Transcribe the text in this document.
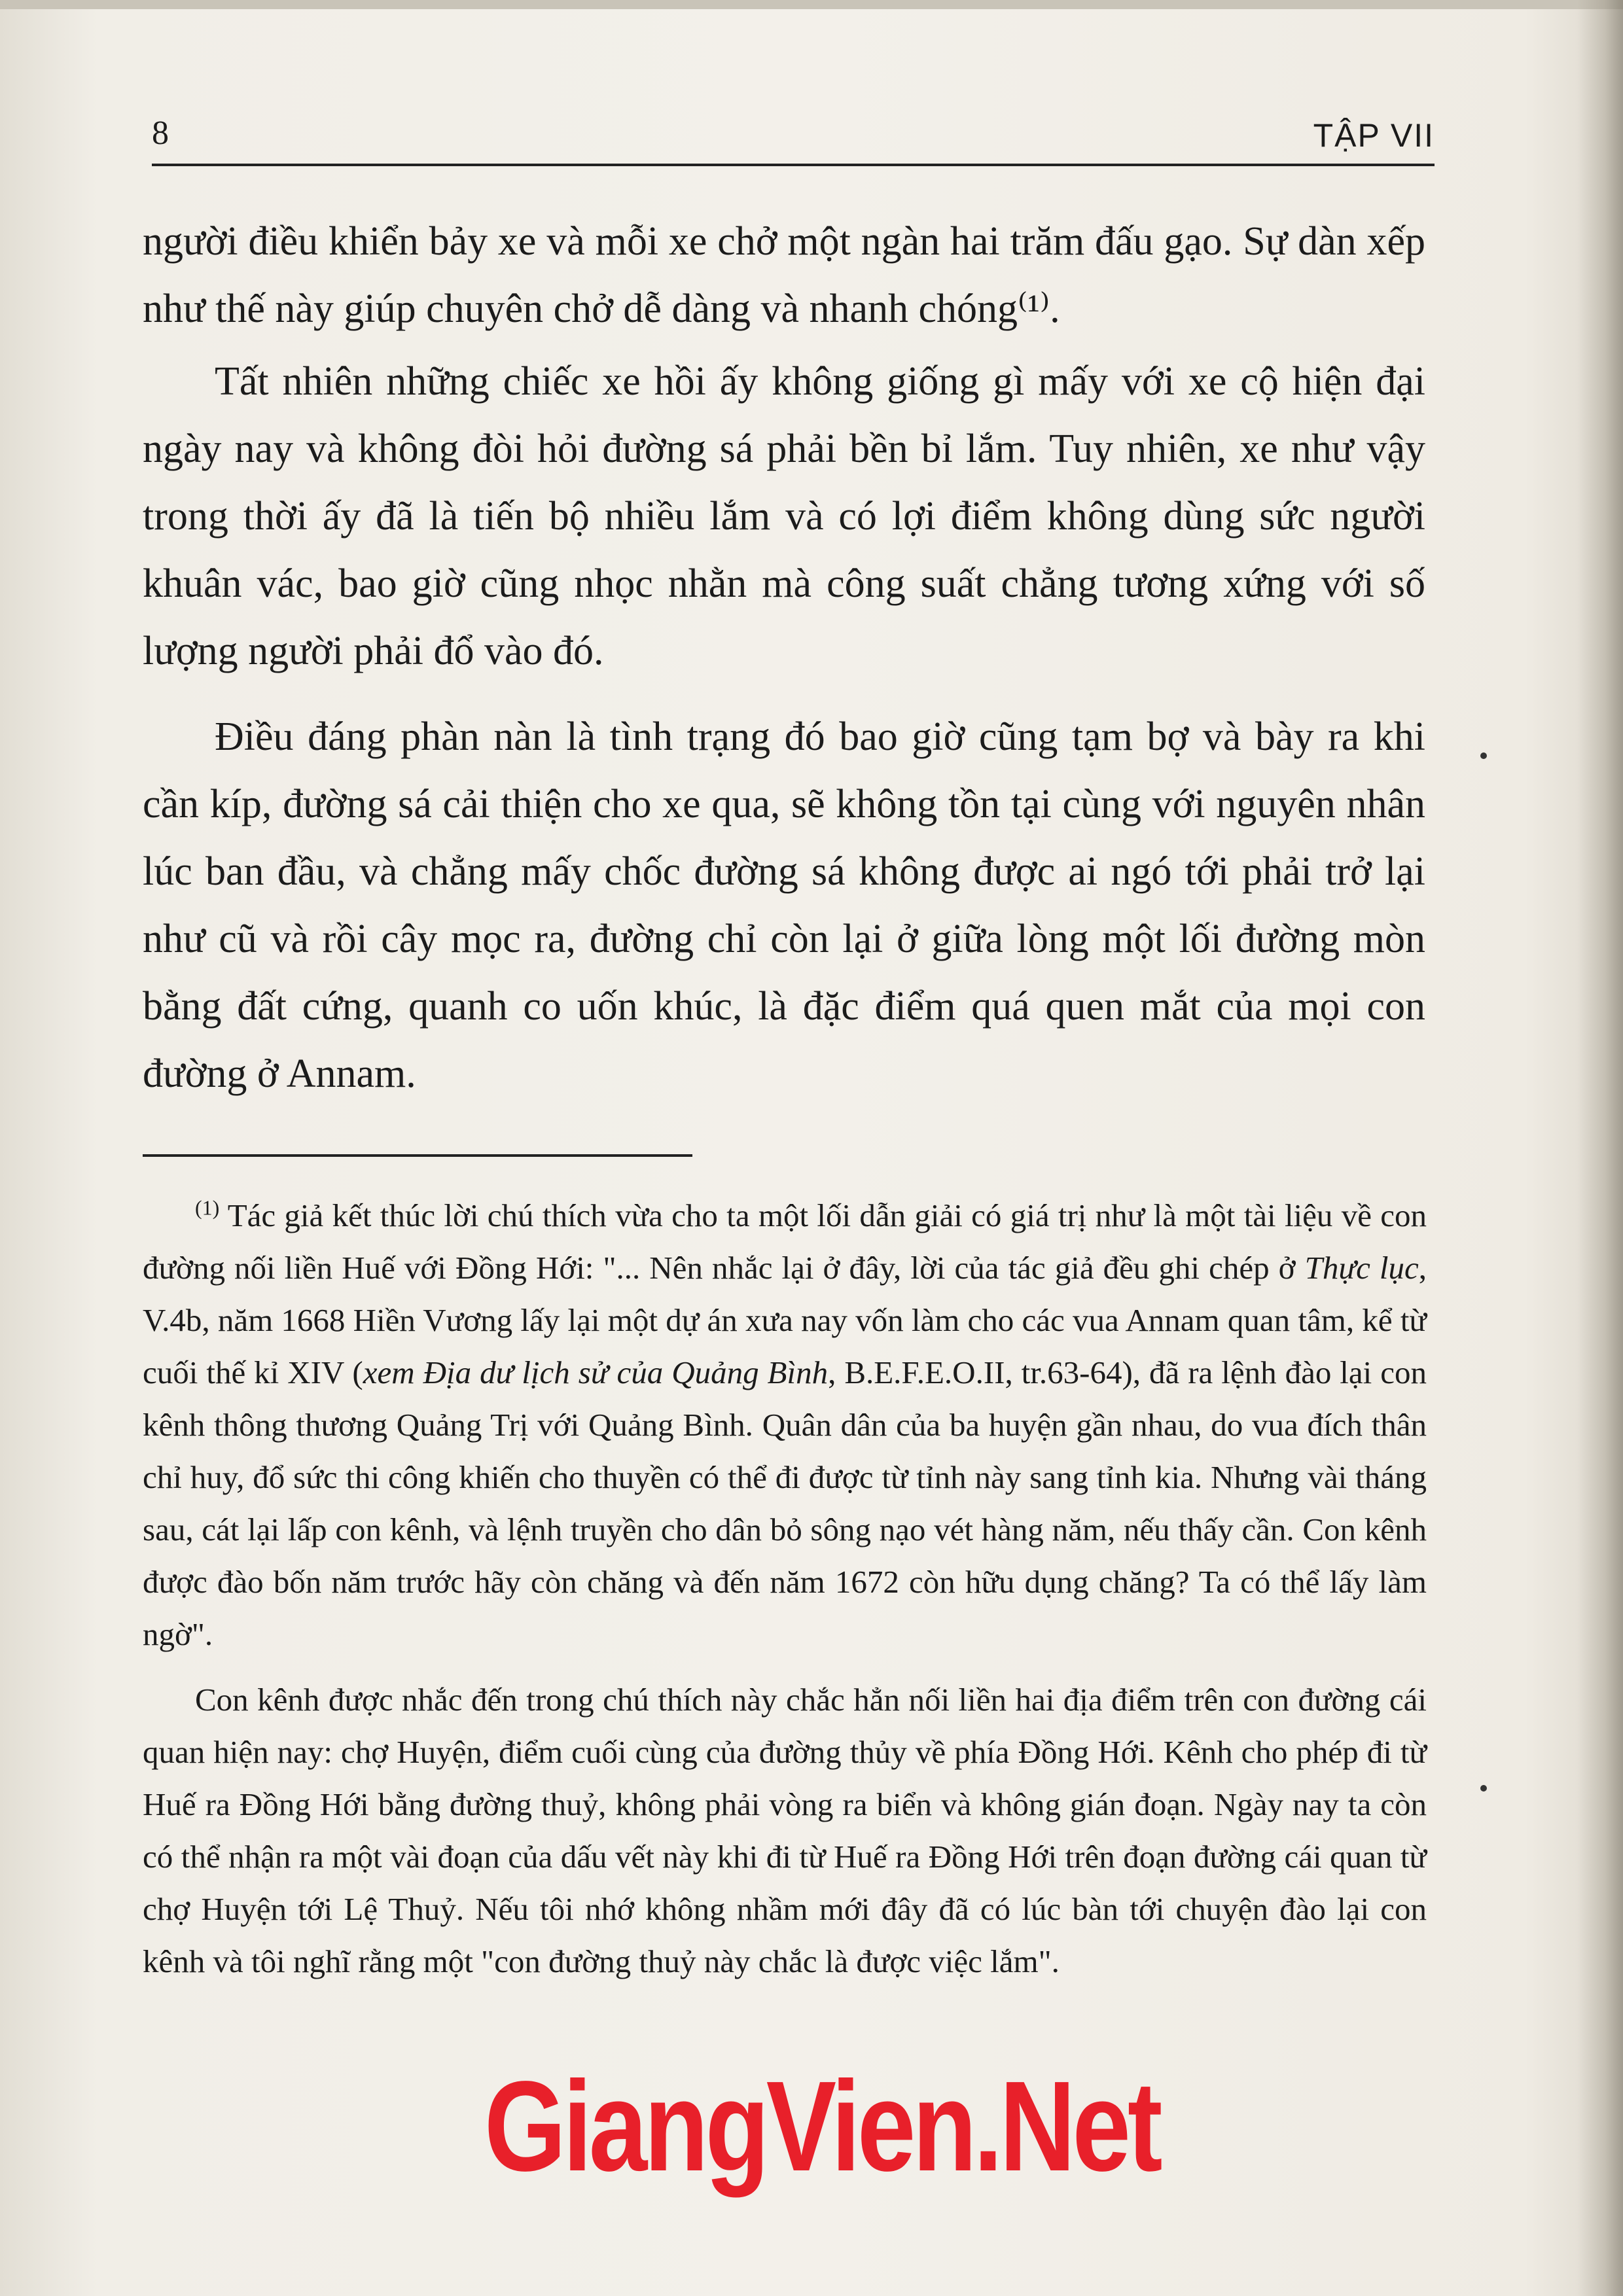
8	TẬP VII

người điều khiển bảy xe và mỗi xe chở một ngàn hai trăm đấu gạo. Sự dàn xếp như thế này giúp chuyên chở dễ dàng và nhanh chóng⁽¹⁾.

Tất nhiên những chiếc xe hồi ấy không giống gì mấy với xe cộ hiện đại ngày nay và không đòi hỏi đường sá phải bền bỉ lắm. Tuy nhiên, xe như vậy trong thời ấy đã là tiến bộ nhiều lắm và có lợi điểm không dùng sức người khuân vác, bao giờ cũng nhọc nhằn mà công suất chẳng tương xứng với số lượng người phải đổ vào đó.

Điều đáng phàn nàn là tình trạng đó bao giờ cũng tạm bợ và bày ra khi cần kíp, đường sá cải thiện cho xe qua, sẽ không tồn tại cùng với nguyên nhân lúc ban đầu, và chẳng mấy chốc đường sá không được ai ngó tới phải trở lại như cũ và rồi cây mọc ra, đường chỉ còn lại ở giữa lòng một lối đường mòn bằng đất cứng, quanh co uốn khúc, là đặc điểm quá quen mắt của mọi con đường ở Annam.

$^{(1)}$ Tác giả kết thúc lời chú thích vừa cho ta một lối dẫn giải có giá trị như là một tài liệu về con đường nối liền Huế với Đồng Hới: "... Nên nhắc lại ở đây, lời của tác giả đều ghi chép ở Thực lục, V.4b, năm 1668 Hiền Vương lấy lại một dự án xưa nay vốn làm cho các vua Annam quan tâm, kể từ cuối thế kỉ XIV (xem Địa dư lịch sử của Quảng Bình, B.E.F.E.O.II, tr.63-64), đã ra lệnh đào lại con kênh thông thương Quảng Trị với Quảng Bình. Quân dân của ba huyện gần nhau, do vua đích thân chỉ huy, đổ sức thi công khiến cho thuyền có thể đi được từ tỉnh này sang tỉnh kia. Nhưng vài tháng sau, cát lại lấp con kênh, và lệnh truyền cho dân bỏ sông nạo vét hàng năm, nếu thấy cần. Con kênh được đào bốn năm trước hãy còn chăng và đến năm 1672 còn hữu dụng chăng? Ta có thể lấy làm ngờ".

Con kênh được nhắc đến trong chú thích này chắc hẳn nối liền hai địa điểm trên con đường cái quan hiện nay: chợ Huyện, điểm cuối cùng của đường thủy về phía Đồng Hới. Kênh cho phép đi từ Huế ra Đồng Hới bằng đường thuỷ, không phải vòng ra biển và không gián đoạn. Ngày nay ta còn có thể nhận ra một vài đoạn của dấu vết này khi đi từ Huế ra Đồng Hới trên đoạn đường cái quan từ chợ Huyện tới Lệ Thuỷ. Nếu tôi nhớ không nhầm mới đây đã có lúc bàn tới chuyện đào lại con kênh và tôi nghĩ rằng một "con đường thuỷ này chắc là được việc lắm".

GiangVien.Net
